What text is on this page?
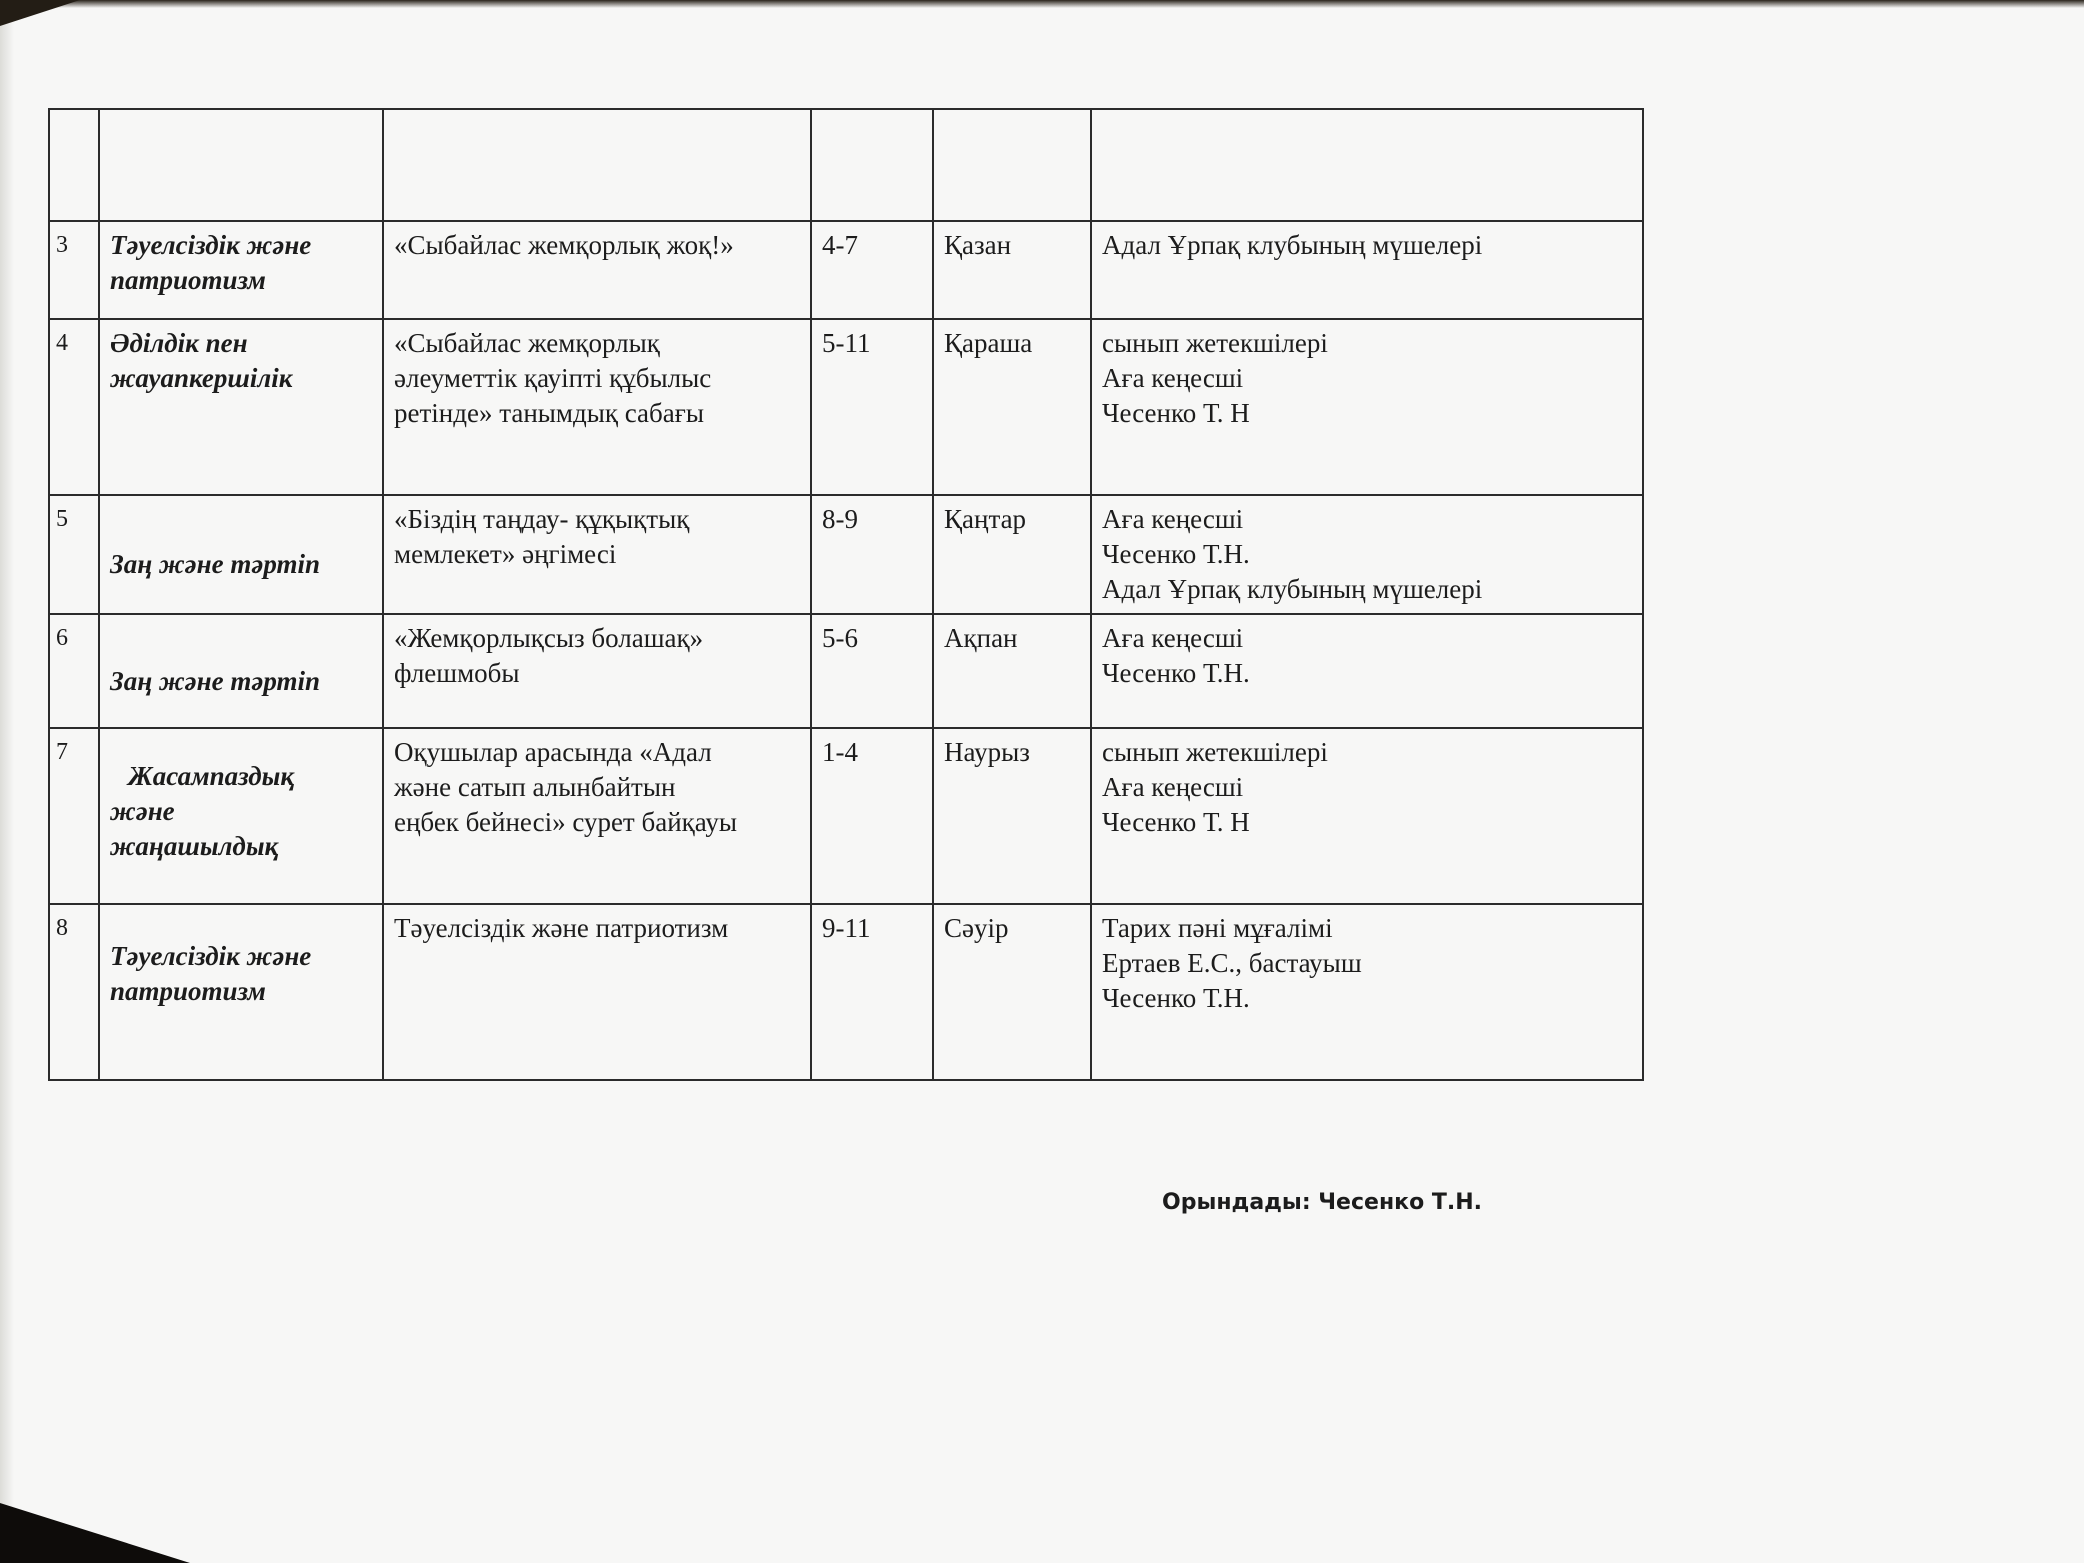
3	Тәуелсіздік және
патриотизм	«Сыбайлас жемқорлық жоқ!»	4-7	Қазан	Адал Ұрпақ клубының мүшелері

4	Әділдік пен
жауапкершілік	«Сыбайлас жемқорлық
әлеуметтік қауіпті құбылыс
ретінде» танымдық сабағы	5-11	Қараша	сынып жетекшілері
Аға кеңесші
Чесенко Т. Н

5	Заң және тәртіп	«Біздің таңдау- құқықтық
мемлекет» әңгімесі	8-9	Қаңтар	Аға кеңесші
Чесенко Т.Н.
Адал Ұрпақ клубының мүшелері

6	Заң және тәртіп	«Жемқорлықсыз болашақ»
флешмобы	5-6	Ақпан	Аға кеңесші
Чесенко Т.Н.

7	Жасампаздық
және
жаңашылдық	Оқушылар арасында «Адал
және сатып алынбайтын
еңбек бейнесі» сурет байқауы	1-4	Наурыз	сынып жетекшілері
Аға кеңесші
Чесенко Т. Н

8	Тәуелсіздік және
патриотизм	Тәуелсіздік және патриотизм	9-11	Сәуір	Тарих пәні мұғалімі
Ертаев Е.С., бастауыш
Чесенко Т.Н.
Орындады: Чесенко Т.Н.
